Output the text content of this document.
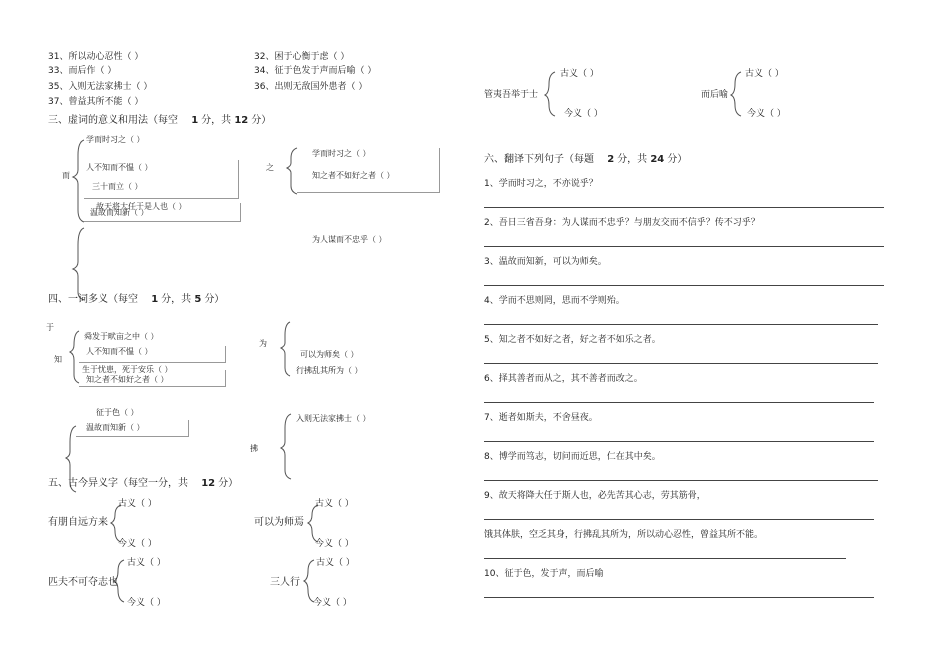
31、所以动心忍性（ ）	32、困于心衡于虑（ ）
33、而后作（ ）	34、征于色发于声而后喻（ ）
35、入则无法家拂士（ ）	36、出则无敌国外患者（ ）
37、曾益其所不能（ ）
三、虚词的意义和用法（每空 1 分，共 12 分）
而
学而时习之（ ）
人不知而不愠（ ）
三十而立（ ）
故天将大任于是人也（ ）
温故而知新（ ）
之
学而时习之（ ）
知之者不如好之者（ ）
为人谋而不忠乎（ ）
四、一词多义（每空 1 分，共 5 分）
于
知
舜发于畎亩之中（ ）
人不知而不愠（ ）
生于忧患，死于安乐（ ）
知之者不如好之者（ ）
为
可以为师矣（ ）
行拂乱其所为（ ）
征于色（ ）
温故而知新（ ）
拂
入则无法家拂士（ ）
五、古今异义字（每空一分，共 12 分）
有朋自远方来
古义（ ）
今义（ ）
可以为师焉
古义（ ）
今义（ ）
匹夫不可夺志也
古义（ ）
今义（ ）
三人行
古义（ ）
今义（ ）
管夷吾举于士
古义（ ）
今义（ ）
而后喻
古义（ ）
今义（ ）
六、翻译下列句子（每题 2 分，共 24 分）
1、学而时习之，不亦说乎？
2、吾日三省吾身：为人谋而不忠乎？与朋友交而不信乎？传不习乎？
3、温故而知新，可以为师矣。
4、学而不思则罔，思而不学则殆。
5、知之者不如好之者，好之者不如乐之者。
6、择其善者而从之，其不善者而改之。
7、逝者如斯夫，不舍昼夜。
8、博学而笃志，切问而近思，仁在其中矣。
9、故天将降大任于斯人也，必先苦其心志，劳其筋骨，
饿其体肤，空乏其身，行拂乱其所为，所以动心忍性，曾益其所不能。
10、征于色，发于声，而后喻
